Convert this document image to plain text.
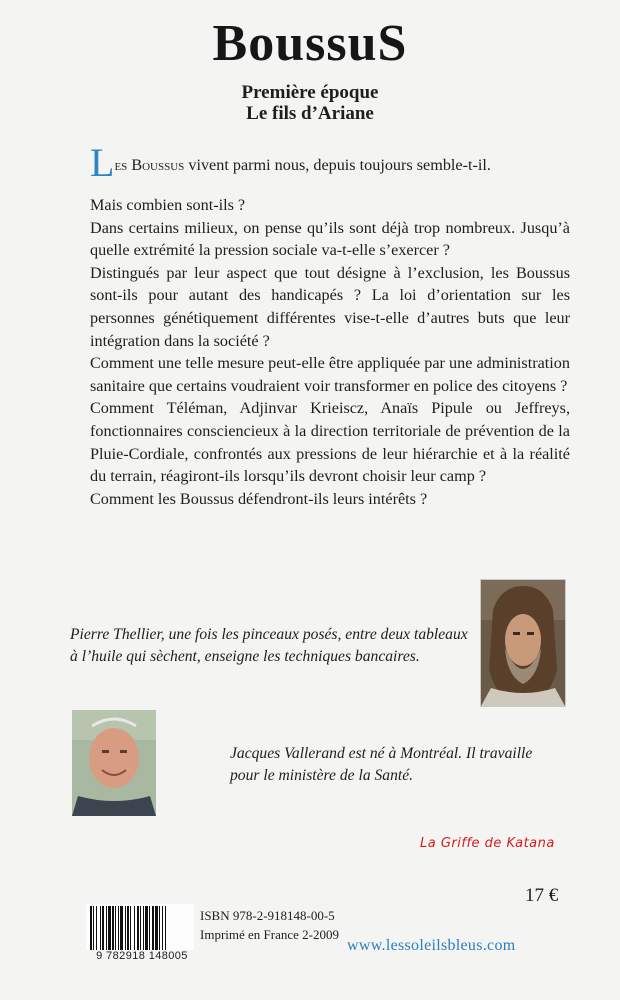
BoussuS
Première époque
Le fils d’Ariane

Les Boussus vivent parmi nous, depuis toujours semble-t-il.

Mais combien sont-ils ?

Dans certains milieux, on pense qu’ils sont déjà trop nombreux. Jusqu’à quelle extrémité la pression sociale va-t-elle s’exercer ?

Distingués par leur aspect que tout désigne à l’exclusion, les Boussus sont-ils pour autant des handicapés ? La loi d’orientation sur les personnes génétiquement différentes vise-t-elle d’autres buts que leur intégration dans la société ?

Comment une telle mesure peut-elle être appliquée par une administration sanitaire que certains voudraient voir transformer en police des citoyens ?

Comment Téléman, Adjinvar Krieiscz, Anaïs Pipule ou Jeffreys, fonctionnaires consciencieux à la direction territoriale de prévention de la Pluie-Cordiale, confrontés aux pressions de leur hiérarchie et à la réalité du terrain, réagiront-ils lorsqu’ils devront choisir leur camp ?

Comment les Boussus défendront-ils leurs intérêts ?

Pierre Thellier, une fois les pinceaux posés, entre deux tableaux à l’huile qui sèchent, enseigne les techniques bancaires.
Jacques Vallerand est né à Montréal. Il travaille pour le ministère de la Santé.
La Griffe de Katana
17 €
9 782918 148005
ISBN 978-2-918148-00-5
Imprimé en France 2-2009
www.lessoleilsbleus.com
